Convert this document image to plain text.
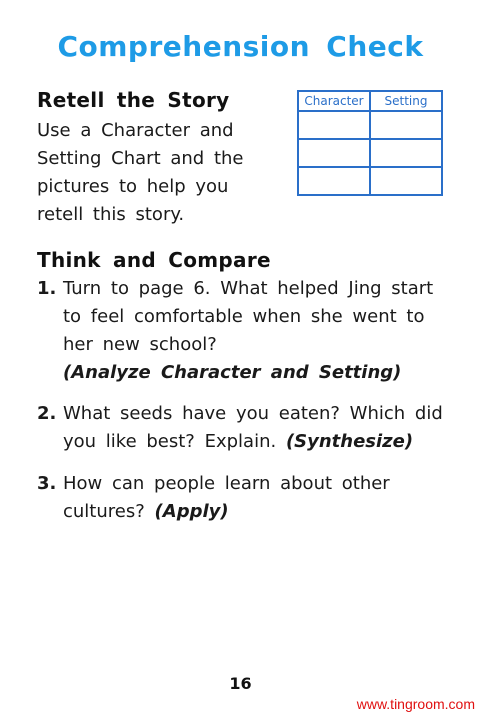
Comprehension Check
Retell the Story
Use a Character and Setting Chart and the pictures to help you retell this story.
Character	Setting

Think and Compare
1. Turn to page 6. What helped Jing start to feel comfortable when she went to her new school?
(Analyze Character and Setting)
2. What seeds have you eaten? Which did you like best? Explain. (Synthesize)
3. How can people learn about other cultures? (Apply)
16
www.tingroom.com
